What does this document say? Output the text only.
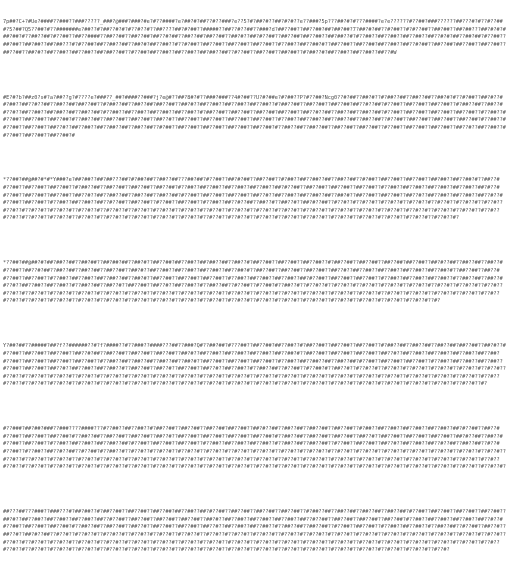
7p##?C+?#Ue?####??###??###?????_###?@###?###?#e?#??####?e?##?#?##??#??###?e??5?#?##?#??##?#?#??e??###?5p???##?#?#???####?e?e??????#??##?###??????##???#?#??#??###?5?##?Q5??##?#??#######e?##??#?##??#?#?#??#??#??##????##?#?##??#####??##??#??##??###?d?##??##??##??##?##?##?##?7?##?#?##??#?##??#?#??##??##?##??##?##???##?#?#?###?##?#??##??##?#??##??##??####??##??##??##??##?##??#?##??##??##?##??##??##?#??##?#??##??##??##?##??##??##?##??#?#??##??##??##??##??##??##??#?#?##??##?##?#??##??##?##??##?##??##?##???#?#??##?##??##??##??##?#?##??##??#??#?##??##??##??##??##??##??##??#??##??##??##?#??##??##??##??##?##??##??##??#?##??##??##?##??##??##??##??##??##??##?#??##??##??##??##??##?##??##??#??##?##??##??##??##??##?##??##??#??##??##??##??##?##??#?##??#?##??##??##??##??##??#W

#E?#?b?##z0?s#?a?##??g?#????e?###??_##?####??###?j?e@#??##?8#?#??###?###??4#?##??U?#?##e?#?##??P?#??##?Ncg0??#?##??##?#??#?##??##??##??##??##?#?#??#?##??##?#??##?##??##??#??##??##??##?##??##??#?##??##??##??##?##??##??##?#??##??##??##??##??##??##??#?##??##??##??##??##??##?##??#??##?#??##??##??##??##??##??#?##??##??##??##??#??##??##??##?##??##??##??##?#??##??##??##??##??##??##??##??#?##??##??##??##??##??##?##??##??##??#??##??##??##??##??##?#??##??##??##??##??##??##??##??#??##??##??##??##??##??##??##?#??##??##??##??##??##??##??##??#??##??##??##??##??##??##??##??##??#??##??##??##??##??##??##??##??##??#??##??##??##??##??##??##??##?#??##??##??##??##??##??##??#??##??##??##??##??##??##??##??#?##??##??##??##??##??##??##??##??##?#??##??##??##??##??##??##??##??##??#??##??##??##??##??##??##??#??##??##??##??##??##??##??##??##?#

*??##?##@##?#*#*Y###?e?##?##??##?##???##?#?##?##??##??##???##?##?#??##??##?#?##??##??##??#?##??##??##??##??##??##??#?##??##??##??##??##??##?##??##??##?#??##??##??##??##??##??##??##??#?##??##??##??##??##??##??##??##?#??##??##??##??##??##??##??##??##?#??##??##??##??##??##??##??##??#??##??##??##??##??##??##??##??##?#??##??##??##??##??##??##??##??#??##??##??##??##??##??##??##?#??##??##??##??##??##??##??#??##??##??##??##??##??##?#??##??##??##??##??##??#??##??##??##??##??##??#??##??##??##??##??#??##??##??##??##??#??##??##??##??#??##??##??##??#??##??##??#??##??##??#??##??#??##?#??##??#??#??#??#??#??#??#??#??#??#??#??#??#??#??#??#??#??#??#??#??#??#??#??#??#??#??#??#??#??#??#??#??#??#??#??#??#??#??#??#??#??#??#??#??#??#??#??#??#??#??#??#??#??#??#??#??#??#??#??#??#??#??#??#??#??#??#??#??#??#??#??#??#??#??#??#??#??#??#??#??#??#??#??#??#??#??#??#??#??#??#??#??#??#??#??#??#??#??#??#??#??#??#??#??#??#??#??#??#??#??#??#??#??#??#??#??#??#??#??#?

*??##?##@##?#?##?##??##??##?##??##?##?##??##?#??##??##?##??##??##?##??##??##??#?##??##??##??##??##??##??#?##??##??##??##??##??##?##??##??##?#??##??##??##??##??##??##??##??#?##??##??##??##??##??##??##??##?#??##??##??##??##??##??##??##??##?#??##??##??##??##??##??##??##??#??##??##??##??##??##??##??##??##?#??##??##??##??##??##??##??##??#??##??##??##??##??##??##??##?#??##??##??##??##??##??##??#??##??##??##??##??##??##?#??##??##??##??##??##??#??##??##??##??##??##??#??##??##??##??##??#??##??##??##??##??#??##??##??##??#??##??##??##??#??##??##??#??##??##??#??##??#??##?#??##??#??#??#??#??#??#??#??#??#??#??#??#??#??#??#??#??#??#??#??#??#??#??#??#??#??#??#??#??#??#??#??#??#??#??#??#??#??#??#??#??#??#??#??#??#??#??#??#??#??#??#??#??#??#??#??#??#??#??#??#??#??#??#??#??#??#??#??#??#??#??#??#??#??#??#??#??#??#??#??#??#??#??#??#??#??#??#??#??#??#??#??#??#??#??#??#??#??#??#??#??#??#??#??#??#??#??#??#??#??#??#??#??#??#??#??#??#??#??#??#??#??#?

Y?##?##??#####?##?f??######??#?f?####??#??###??####???##??###?Q#??##?##?#???##??##??##?##??##??#?##??##??##??##??##??##??#?##??##??##??##??##??##?##??##??##?#??##??##??##??##??##??##??##??#?##??##??##??##??##??##??##??##?#??##??##??##??##??##??##??##??##?#??##??##??##??##??##??##??##??#??##??##??##??##??##??##??##??##?#??##??##??##??##??##??##??##??#??##??##??##??##??##??##??##?#??##??##??##??##??##??##??#??##??##??##??##??##??##?#??##??##??##??##??##??#??##??##??##??##??##??#??##??##??##??##??#??##??##??##??##??#??##??##??##??#??##??##??##??#??##??##??#??##??##??#??##??#??##?#??##??#??#??#??#??#??#??#??#??#??#??#??#??#??#??#??#??#??#??#??#??#??#??#??#??#??#??#??#??#??#??#??#??#??#??#??#??#??#??#??#??#??#??#??#??#??#??#??#??#??#??#??#??#??#??#??#??#??#??#??#??#??#??#??#??#??#??#??#??#??#??#??#??#??#??#??#??#??#??#??#??#??#??#??#??#??#??#??#??#??#??#??#??#??#??#??#??#??#??#??#??#??#??#??#??#??#??#??#??#??#??#??#??#??#??#??#??#??#??#??#??#??#?

#??###?##?##?###??###????####???#??##??##??##??#?##??##??##??##??##??##?##??##??##?#??##??##??##??##??##??##??##??#?##??##??##??##??##??##??##??##?#??##??##??##??##??##??##??##??##?#??##??##??##??##??##??##??##??#??##??##??##??##??##??##??##??##?#??##??##??##??##??##??##??##??#??##??##??##??##??##??##??##?#??##??##??##??##??##??##??#??##??##??##??##??##??##?#??##??##??##??##??##??#??##??##??##??##??##??#??##??##??##??##??#??##??##??##??##??#??##??##??##??#??##??##??##??#??##??##??#??##??##??#??##??#??##?#??##??#??#??#??#??#??#??#??#??#??#??#??#??#??#??#??#??#??#??#??#??#??#??#??#??#??#??#??#??#??#??#??#??#??#??#??#??#??#??#??#??#??#??#??#??#??#??#??#??#??#??#??#??#??#??#??#??#??#??#??#??#??#??#??#??#??#??#??#??#??#??#??#??#??#??#??#??#??#??#??#??#??#??#??#??#??#??#??#??#??#??#??#??#??#??#??#??#??#??#??#??#??#??#??#??#??#??#??#??#??#??#??#??#??#??#??#??#??#??#??#??#??#??#??#??#??#??#??#??#??#??#??#??#??#??#??#??#??#??#??#??#??#??#??#??#??#??#??#?

##???##???###??###???#?##?##??#?##??##??##??##??##??##?##??##??##?#??##??##??##??##??##??##??##??#?##??##??##??##??##??##??##??##?#??##??##??##??##??##??##??##??##?#??##??##??##??##??##??##??##??#??##??##??##??##??##??##??##??##?#??##??##??##??##??##??##??##??#??##??##??##??##??##??##??##?#??##??##??##??##??##??##??#??##??##??##??##??##??##?#??##??##??##??##??##??#??##??##??##??##??##??#??##??##??##??##??#??##??##??##??##??#??##??##??##??#??##??##??##??#??##??##??#??##??##??#??##??#??##?#??##??#??#??#??#??#??#??#??#??#??#??#??#??#??#??#??#??#??#??#??#??#??#??#??#??#??#??#??#??#??#??#??#??#??#??#??#??#??#??#??#??#??#??#??#??#??#??#??#??#??#??#??#??#??#??#??#??#??#??#??#??#??#??#??#??#??#??#??#??#??#??#??#??#??#??#??#??#??#??#??#??#??#??#??#??#??#??#??#??#??#??#??#??#??#??#??#??#??#??#??#??#??#??#??#??#??#??#??#??#??#??#??#??#??#??#??#??#??#??#??#??#??#??#??#??#??#??#??#??#??#??#??#??#??#??#??#??#??#??#??#??#??#??#??#??#??#??#??#??#?
